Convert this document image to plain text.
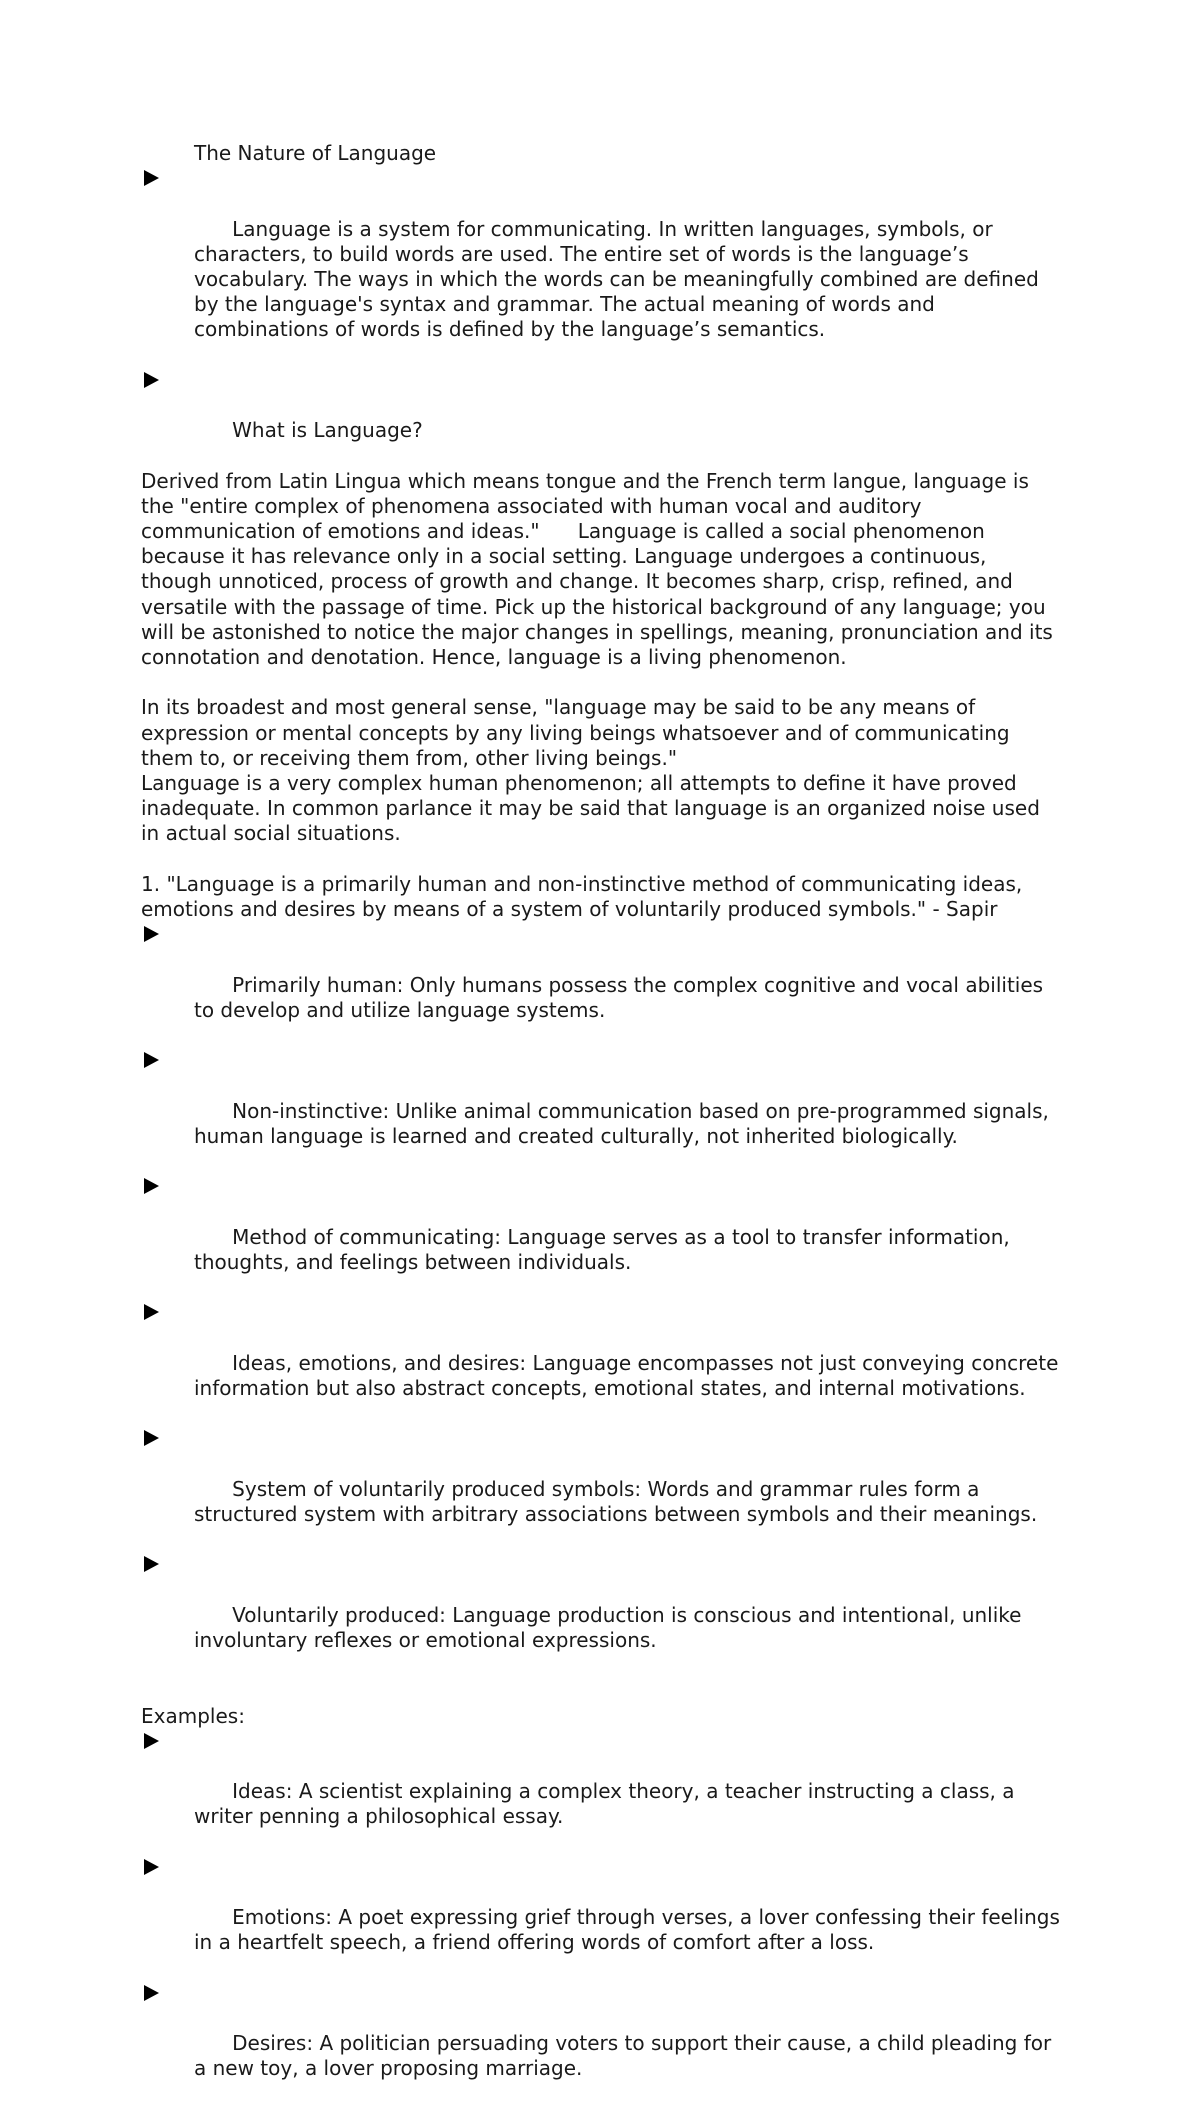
The Nature of Language

Language is a system for communicating. In written languages, symbols, or characters, to build words are used. The entire set of words is the language’s vocabulary. The ways in which the words can be meaningfully combined are defined by the language's syntax and grammar. The actual meaning of words and combinations of words is defined by the language’s semantics.

What is Language?

Derived from Latin Lingua which means tongue and the French term langue, language is the "entire complex of phenomena associated with human vocal and auditory communication of emotions and ideas."      Language is called a social phenomenon because it has relevance only in a social setting. Language undergoes a continuous, though unnoticed, process of growth and change. It becomes sharp, crisp, refined, and versatile with the passage of time. Pick up the historical background of any language; you will be astonished to notice the major changes in spellings, meaning, pronunciation and its connotation and denotation. Hence, language is a living phenomenon.
In its broadest and most general sense, "language may be said to be any means of expression or mental concepts by any living beings whatsoever and of communicating them to, or receiving them from, other living beings."
Language is a very complex human phenomenon; all attempts to define it have proved inadequate. In common parlance it may be said that language is an organized noise used in actual social situations.
1. "Language is a primarily human and non-instinctive method of communicating ideas, emotions and desires by means of a system of voluntarily produced symbols." - Sapir

Primarily human: Only humans possess the complex cognitive and vocal abilities to develop and utilize language systems.

Non-instinctive: Unlike animal communication based on pre-programmed signals, human language is learned and created culturally, not inherited biologically.

Method of communicating: Language serves as a tool to transfer information, thoughts, and feelings between individuals.

Ideas, emotions, and desires: Language encompasses not just conveying concrete information but also abstract concepts, emotional states, and internal motivations.

System of voluntarily produced symbols: Words and grammar rules form a structured system with arbitrary associations between symbols and their meanings.

Voluntarily produced: Language production is conscious and intentional, unlike involuntary reflexes or emotional expressions.

Examples:

Ideas: A scientist explaining a complex theory, a teacher instructing a class, a writer penning a philosophical essay.

Emotions: A poet expressing grief through verses, a lover confessing their feelings in a heartfelt speech, a friend offering words of comfort after a loss.

Desires: A politician persuading voters to support their cause, a child pleading for a new toy, a lover proposing marriage.
